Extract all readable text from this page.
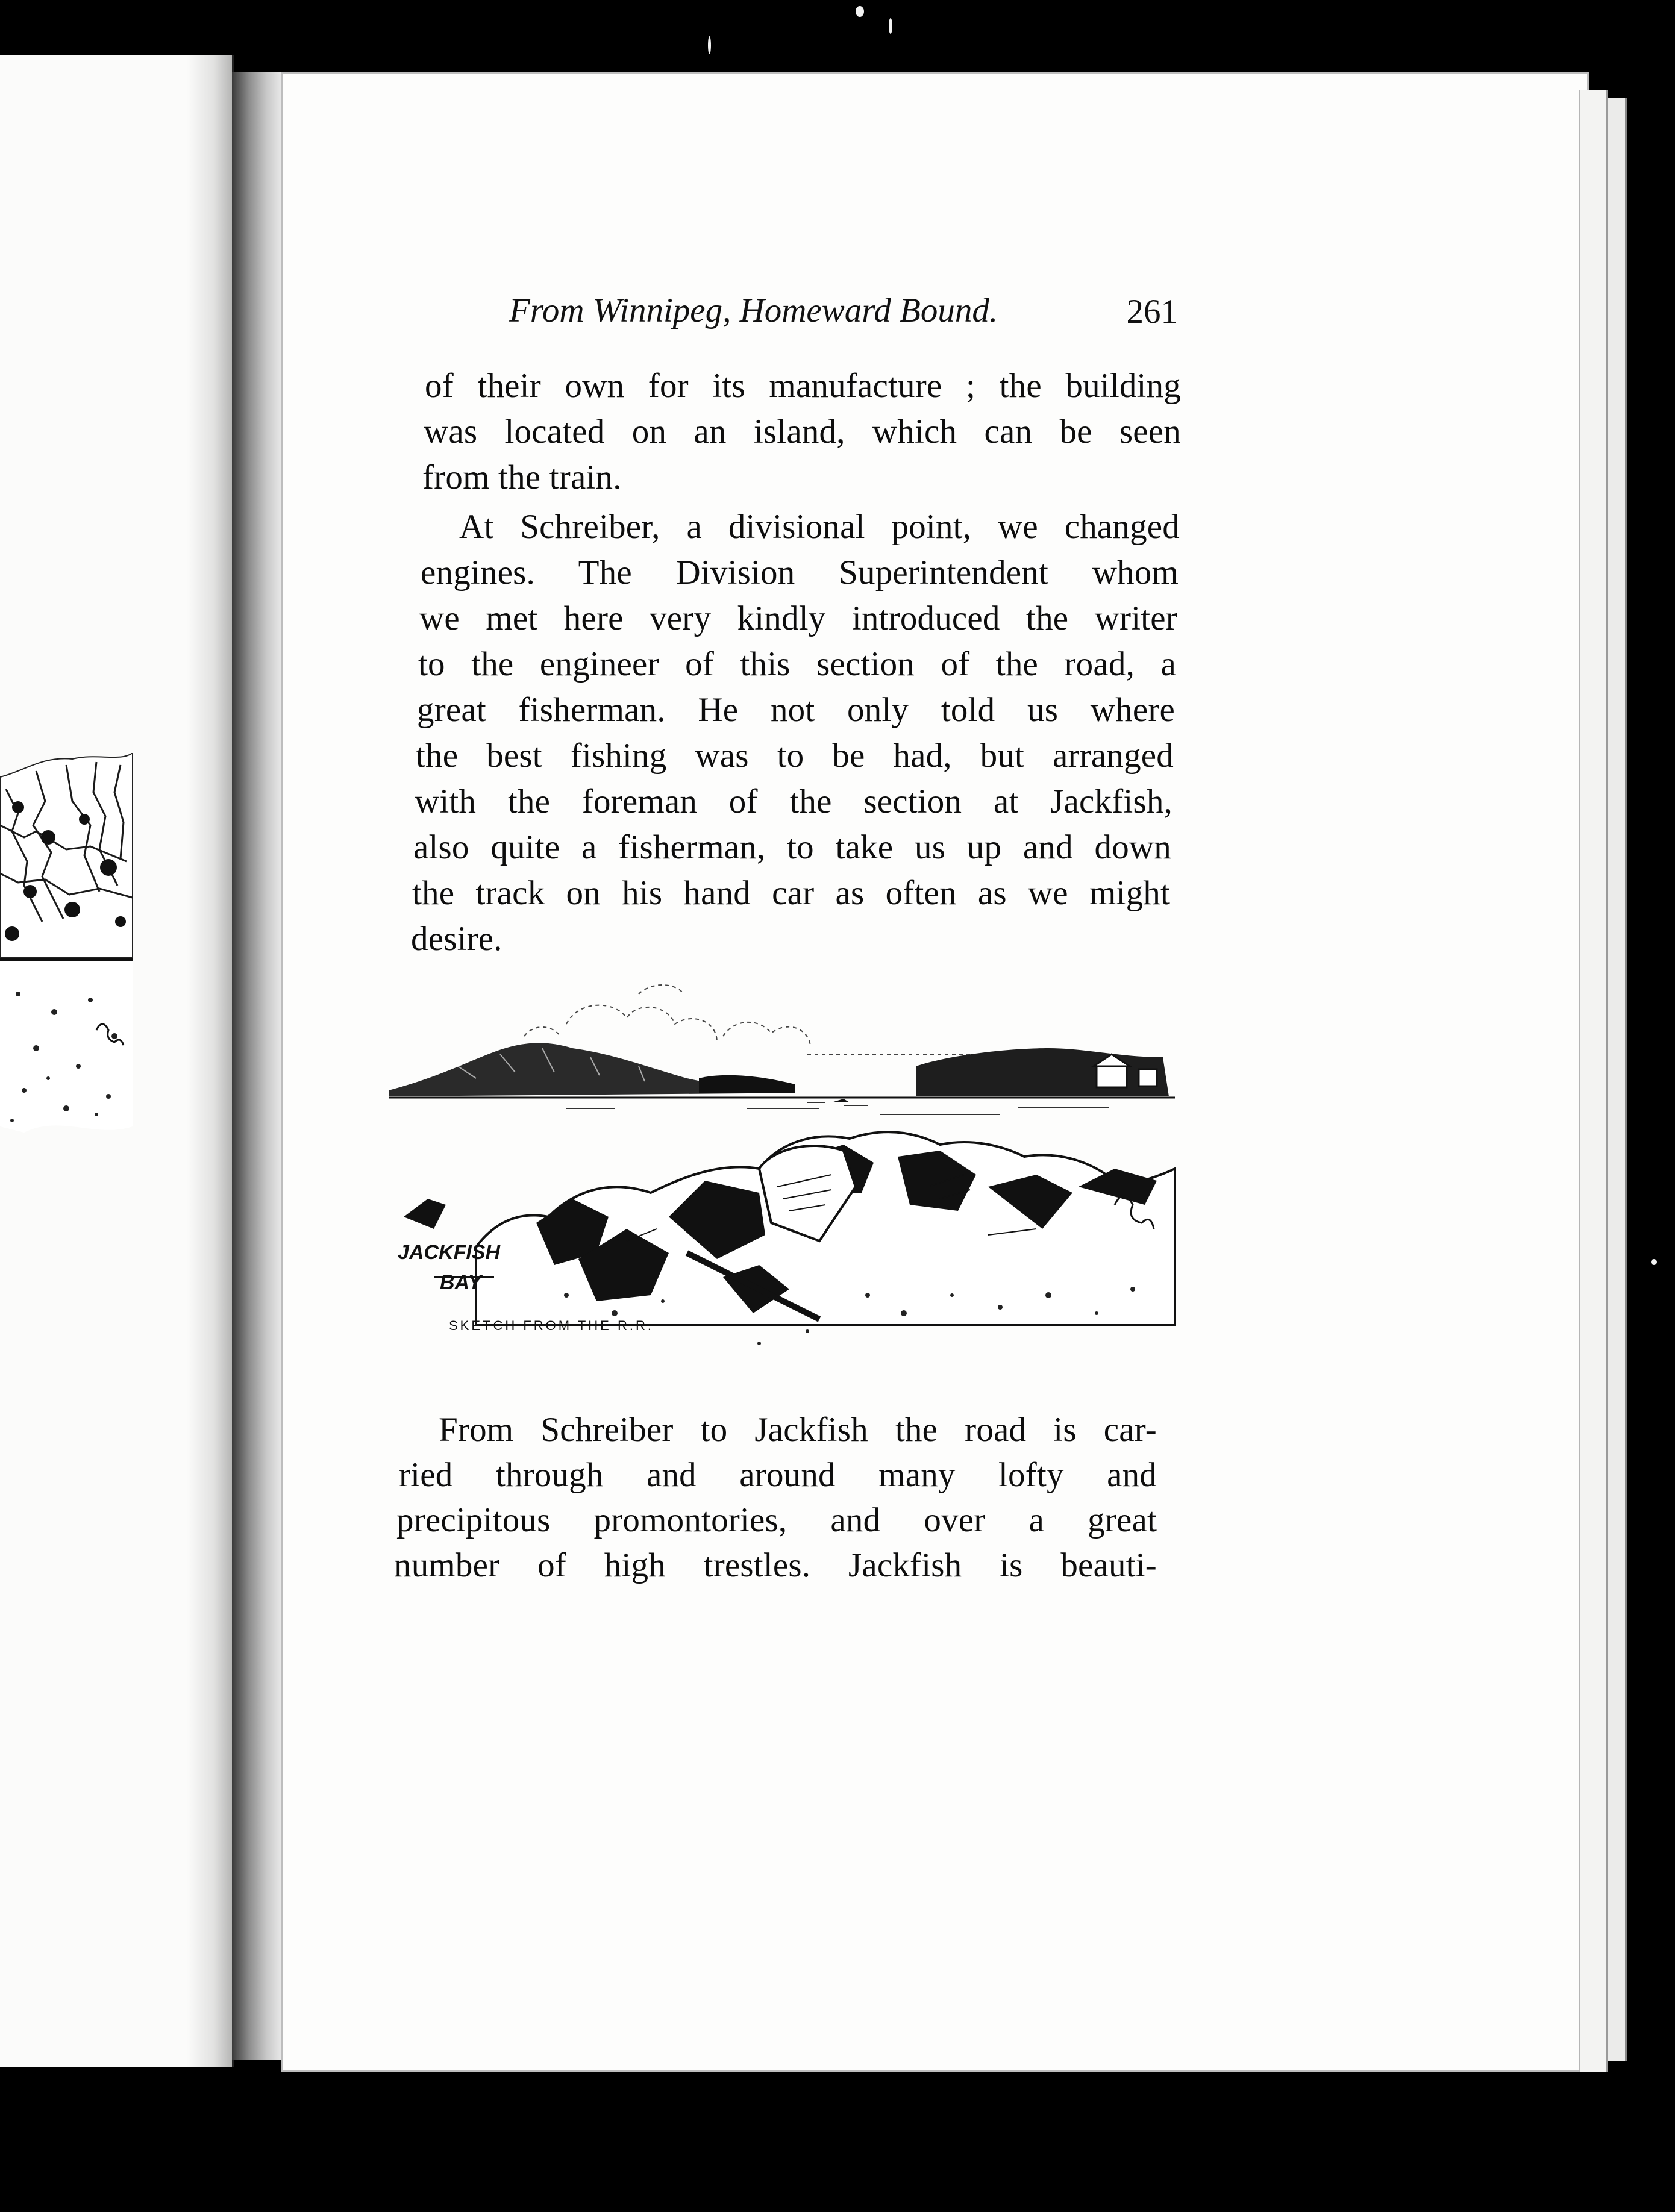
From Winnipeg, Homeward Bound.	261
of their own for its manufacture ; the building
was located on an island, which can be seen
from the train.
At Schreiber, a divisional point, we changed
engines. The Division Superintendent whom
we met here very kindly introduced the writer
to the engineer of this section of the road, a
great fisherman. He not only told us where
the best fishing was to be had, but arranged
with the foreman of the section at Jackfish,
also quite a fisherman, to take us up and down
the track on his hand car as often as we might
desire.
JACKFISH
BAY
SKETCH FROM THE R.R.
From Schreiber to Jackfish the road is car-
ried through and around many lofty and
precipitous promontories, and over a great
number of high trestles. Jackfish is beauti-
